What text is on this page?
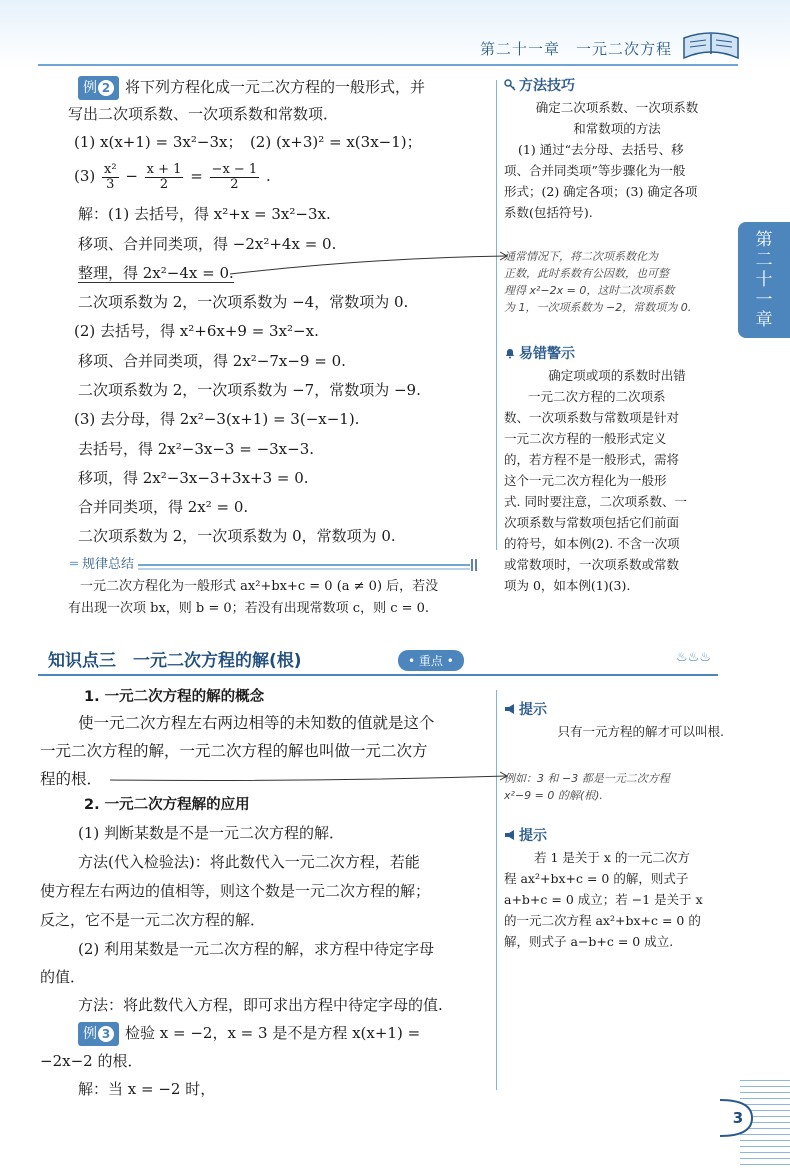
第二十一章　一元二次方程
第
二
十
一
章
例 2 将下列方程化成一元二次方程的一般形式，并
写出二次项系数、一次项系数和常数项．
(1) x(x+1) = 3x²−3x；　(2) (x+3)² = x(3x−1)；
$(3) \frac{\text{x²}}{3} - \frac{x + 1}{2} = \frac{-x - 1}{2}$ .
解：(1) 去括号，得 x²+x = 3x²−3x.
移项、合并同类项，得 −2x²+4x = 0.
整理，得 2x²−4x = 0.
二次项系数为 2，一次项系数为 −4，常数项为 0.
(2) 去括号，得 x²+6x+9 = 3x²−x.
移项、合并同类项，得 2x²−7x−9 = 0.
二次项系数为 2，一次项系数为 −7，常数项为 −9.
(3) 去分母，得 2x²−3(x+1) = 3(−x−1).
去括号，得 2x²−3x−3 = −3x−3.
移项，得 2x²−3x−3+3x+3 = 0.
合并同类项，得 2x² = 0.
二次项系数为 2，一次项系数为 0，常数项为 0.
方法技巧
确定二次项系数、一次项系数
和常数项的方法
(1) 通过“去分母、去括号、移
项、合并同类项”等步骤化为一般
形式；(2) 确定各项；(3) 确定各项
系数(包括符号).
通常情况下，将二次项系数化为
正数，此时系数有公因数，也可整
理得 x²−2x = 0，这时二次项系数
为 1，一次项系数为 −2，常数项为 0.
易错警示
确定项或项的系数时出错
一元二次方程的二次项系
数、一次项系数与常数项是针对
一元二次方程的一般形式定义
的，若方程不是一般形式，需将
这个一元二次方程化为一般形
式. 同时要注意，二次项系数、一
次项系数与常数项包括它们前面
的符号，如本例(2). 不含一次项
或常数项时，一次项系数或常数
项为 0，如本例(1)(3).
═ 规律总结
一元二次方程化为一般形式 ax²+bx+c = 0 (a ≠ 0) 后，若没
有出现一次项 bx，则 b = 0；若没有出现常数项 c，则 c = 0.
知识点三　一元二次方程的解(根)	• 重点 •	♨♨♨
1. 一元二次方程的解的概念
使一元二次方程左右两边相等的未知数的值就是这个
一元二次方程的解，一元二次方程的解也叫做一元二次方
程的根．
2. 一元二次方程解的应用
(1) 判断某数是不是一元二次方程的解．
方法(代入检验法)：将此数代入一元二次方程，若能
使方程左右两边的值相等，则这个数是一元二次方程的解；
反之，它不是一元二次方程的解．
(2) 利用某数是一元二次方程的解，求方程中待定字母
的值．
方法：将此数代入方程，即可求出方程中待定字母的值.
例 3 检验 x = −2，x = 3 是不是方程 x(x+1) =
−2x−2 的根．
解：当 x = −2 时，
提示
只有一元方程的解才可以叫根.
例如：3 和 −3 都是一元二次方程
x²−9 = 0 的解(根).
提示
若 1 是关于 x 的一元二次方
程 ax²+bx+c = 0 的解，则式子
a+b+c = 0 成立；若 −1 是关于 x
的一元二次方程 ax²+bx+c = 0 的
解，则式子 a−b+c = 0 成立.
3
